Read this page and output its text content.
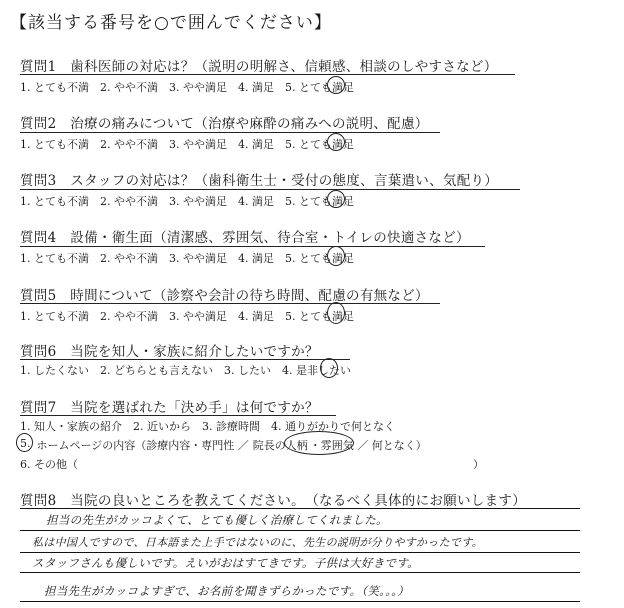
【該当する番号を○で囲んでください】
質問1　歯科医師の対応は？（説明の明解さ、信頼感、相談のしやすさなど）
1. とても不満 2. やや不満 3. やや満足 4. 満足 5. とても満足
質問2　治療の痛みについて（治療や麻酔の痛みへの説明、配慮）
1. とても不満 2. やや不満 3. やや満足 4. 満足 5. とても満足
質問3　スタッフの対応は？（歯科衛生士・受付の態度、言葉遣い、気配り）
1. とても不満 2. やや不満 3. やや満足 4. 満足 5. とても満足
質問4　設備・衛生面（清潔感、雰囲気、待合室・トイレの快適さなど）
1. とても不満 2. やや不満 3. やや満足 4. 満足 5. とても満足
質問5　時間について（診察や会計の待ち時間、配慮の有無など）
1. とても不満 2. やや不満 3. やや満足 4. 満足 5. とても満足
質問6　当院を知人・家族に紹介したいですか？
1. したくない 2. どちらとも言えない 3. したい 4. 是非したい
質問7　当院を選ばれた「決め手」は何ですか？
1. 知人・家族の紹介 2. 近いから 3. 診療時間 4. 通りがかりで何となく
5. ホームページの内容（診療内容・専門性 ／ 院長の人柄 ・雰囲気 ／ 何となく）
6. その他（	）
質問8　当院の良いところを教えてください。　（なるべく具体的にお願いします）
担当の先生がカッコよくて、とても優しく治療してくれました。
私は中国人ですので、日本語また上手ではないのに、先生の説明が分りやすかったです。
スタッフさんも優しいです。えいがおはすてきです。子供は大好きです。
担当先生がカッコよすぎで、お名前を聞きずらかったです。（笑。。。）
